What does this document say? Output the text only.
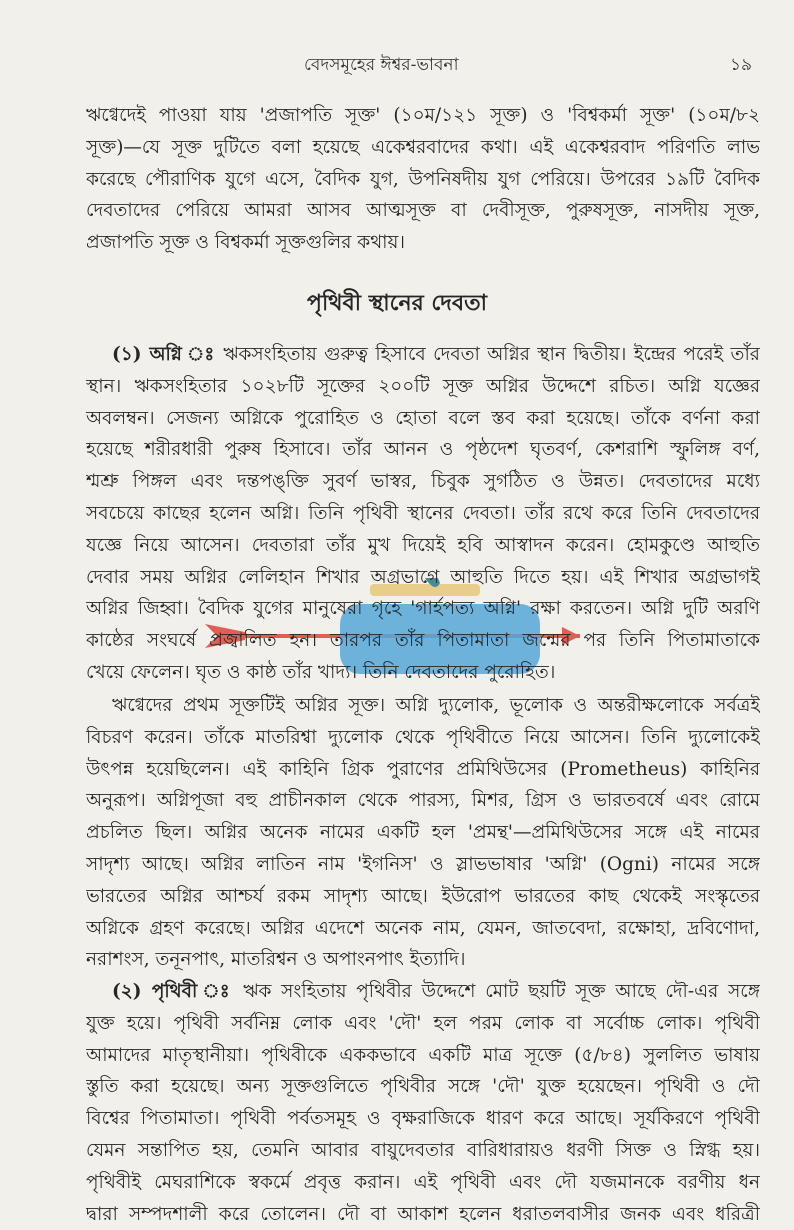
বেদসমূহের ঈশ্বর-ভাবনা	১৯
ঋগ্বেদেই পাওয়া যায় 'প্রজাপতি সূক্ত' (১০ম/১২১ সূক্ত) ও 'বিশ্বকর্মা সূক্ত' (১০ম/৮২
সূক্ত)—যে সূক্ত দুটিতে বলা হয়েছে একেশ্বরবাদের কথা। এই একেশ্বরবাদ পরিণতি লাভ
করেছে পৌরাণিক যুগে এসে, বৈদিক যুগ, উপনিষদীয় যুগ পেরিয়ে। উপরের ১৯টি বৈদিক
দেবতাদের পেরিয়ে আমরা আসব আত্মসূক্ত বা দেবীসূক্ত, পুরুষসূক্ত, নাসদীয় সূক্ত,
প্রজাপতি সূক্ত ও বিশ্বকর্মা সূক্তগুলির কথায়।
পৃথিবী স্থানের দেবতা
(১) অগ্নি ঃ ঋকসংহিতায় গুরুত্ব হিসাবে দেবতা অগ্নির স্থান দ্বিতীয়। ইন্দ্রের পরেই তাঁর
স্থান। ঋকসংহিতার ১০২৮টি সূক্তের ২০০টি সূক্ত অগ্নির উদ্দেশে রচিত। অগ্নি যজ্ঞের
অবলম্বন। সেজন্য অগ্নিকে পুরোহিত ও হোতা বলে স্তব করা হয়েছে। তাঁকে বর্ণনা করা
হয়েছে শরীরধারী পুরুষ হিসাবে। তাঁর আনন ও পৃষ্ঠদেশ ঘৃতবর্ণ, কেশরাশি স্ফুলিঙ্গ বর্ণ,
শ্মশ্রু পিঙ্গল এবং দন্তপঙ্‌ক্তি সুবর্ণ ভাস্বর, চিবুক সুগঠিত ও উন্নত। দেবতাদের মধ্যে
সবচেয়ে কাছের হলেন অগ্নি। তিনি পৃথিবী স্থানের দেবতা। তাঁর রথে করে তিনি দেবতাদের
যজ্ঞে নিয়ে আসেন। দেবতারা তাঁর মুখ দিয়েই হবি আস্বাদন করেন। হোমকুণ্ডে আহুতি
দেবার সময় অগ্নির লেলিহান শিখার অগ্রভাগে আহুতি দিতে হয়। এই শিখার অগ্রভাগই
অগ্নির জিহ্বা। বৈদিক যুগের মানুষেরা গৃহে 'গার্হপত্য অগ্নি' রক্ষা করতেন। অগ্নি দুটি অরণি
কাষ্ঠের সংঘর্ষে প্রজ্বালিত হন। তারপর তাঁর পিতামাতা জন্মের পর তিনি পিতামাতাকে
খেয়ে ফেলেন। ঘৃত ও কাষ্ঠ তাঁর খাদ্য। তিনি দেবতাদের পুরোহিত।
ঋগ্বেদের প্রথম সূক্তটিই অগ্নির সূক্ত। অগ্নি দ্যুলোক, ভূলোক ও অন্তরীক্ষলোকে সর্বত্রই
বিচরণ করেন। তাঁকে মাতরিশ্বা দ্যুলোক থেকে পৃথিবীতে নিয়ে আসেন। তিনি দ্যুলোকেই
উৎপন্ন হয়েছিলেন। এই কাহিনি গ্রিক পুরাণের প্রমিথিউসের (Prometheus) কাহিনির
অনুরূপ। অগ্নিপূজা বহু প্রাচীনকাল থেকে পারস্য, মিশর, গ্রিস ও ভারতবর্ষে এবং রোমে
প্রচলিত ছিল। অগ্নির অনেক নামের একটি হল 'প্রমন্থ'—প্রমিথিউসের সঙ্গে এই নামের
সাদৃশ্য আছে। অগ্নির লাতিন নাম 'ইগনিস' ও স্লাভভাষার 'অগ্নি' (Ogni) নামের সঙ্গে
ভারতের অগ্নির আশ্চর্য রকম সাদৃশ্য আছে। ইউরোপ ভারতের কাছ থেকেই সংস্কৃতের
অগ্নিকে গ্রহণ করেছে। অগ্নির এদেশে অনেক নাম, যেমন, জাতবেদা, রক্ষোহা, দ্রবিণোদা,
নরাশংস, তনূনপাৎ, মাতরিশ্বন ও অপাংনপাৎ ইত্যাদি।
(২) পৃথিবী ঃ ঋক সংহিতায় পৃথিবীর উদ্দেশে মোট ছয়টি সূক্ত আছে দৌ-এর সঙ্গে
যুক্ত হয়ে। পৃথিবী সর্বনিম্ন লোক এবং 'দৌ' হল পরম লোক বা সর্বোচ্চ লোক। পৃথিবী
আমাদের মাতৃস্থানীয়া। পৃথিবীকে এককভাবে একটি মাত্র সূক্তে (৫/৮৪) সুললিত ভাষায়
স্তুতি করা হয়েছে। অন্য সূক্তগুলিতে পৃথিবীর সঙ্গে 'দৌ' যুক্ত হয়েছেন। পৃথিবী ও দৌ
বিশ্বের পিতামাতা। পৃথিবী পর্বতসমূহ ও বৃক্ষরাজিকে ধারণ করে আছে। সূর্যকিরণে পৃথিবী
যেমন সন্তাপিত হয়, তেমনি আবার বায়ুদেবতার বারিধারায়ও ধরণী সিক্ত ও স্নিগ্ধ হয়।
পৃথিবীই মেঘরাশিকে স্বকর্মে প্রবৃত্ত করান। এই পৃথিবী এবং দৌ যজমানকে বরণীয় ধন
দ্বারা সম্পদশালী করে তোলেন। দৌ বা আকাশ হলেন ধরাতলবাসীর জনক এবং ধরিত্রী
